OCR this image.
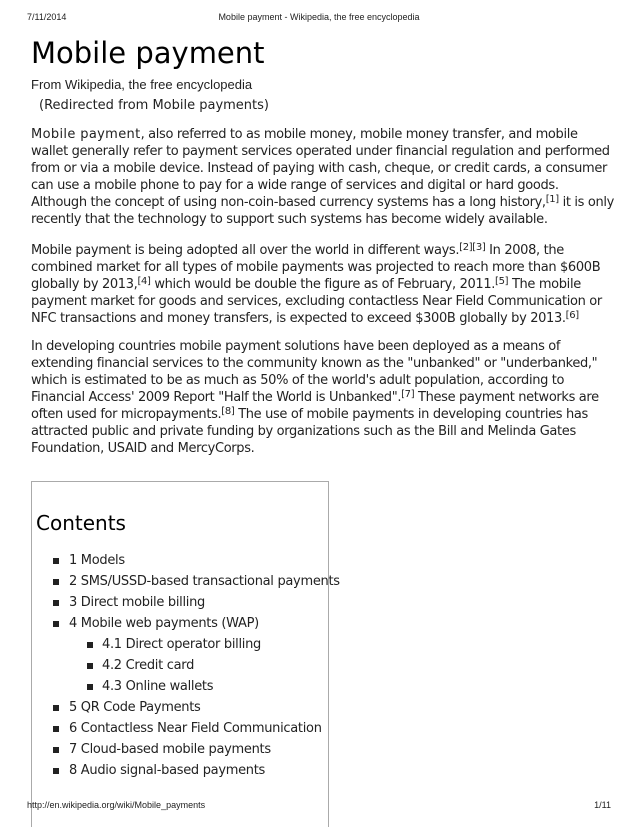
7/11/2014	Mobile payment - Wikipedia, the free encyclopedia
Mobile payment
From Wikipedia, the free encyclopedia
(Redirected from Mobile payments)

Mobile payment, also referred to as mobile money, mobile money transfer, and mobile wallet generally refer to payment services operated under financial regulation and performed from or via a mobile device. Instead of paying with cash, cheque, or credit cards, a consumer can use a mobile phone to pay for a wide range of services and digital or hard goods. Although the concept of using non-coin-based currency systems has a long history,[1] it is only recently that the technology to support such systems has become widely available.

Mobile payment is being adopted all over the world in different ways.[2][3] In 2008, the combined market for all types of mobile payments was projected to reach more than $600B globally by 2013,[4] which would be double the figure as of February, 2011.[5] The mobile payment market for goods and services, excluding contactless Near Field Communication or NFC transactions and money transfers, is expected to exceed $300B globally by 2013.[6]

In developing countries mobile payment solutions have been deployed as a means of extending financial services to the community known as the "unbanked" or "underbanked," which is estimated to be as much as 50% of the world's adult population, according to Financial Access' 2009 Report "Half the World is Unbanked".[7] These payment networks are often used for micropayments.[8] The use of mobile payments in developing countries has attracted public and private funding by organizations such as the Bill and Melinda Gates Foundation, USAID and MercyCorps.

Contents
1 Models
2 SMS/USSD-based transactional payments
3 Direct mobile billing
4 Mobile web payments (WAP)
4.1 Direct operator billing
4.2 Credit card
4.3 Online wallets
5 QR Code Payments
6 Contactless Near Field Communication
7 Cloud-based mobile payments
8 Audio signal-based payments
http://en.wikipedia.org/wiki/Mobile_payments	1/11
